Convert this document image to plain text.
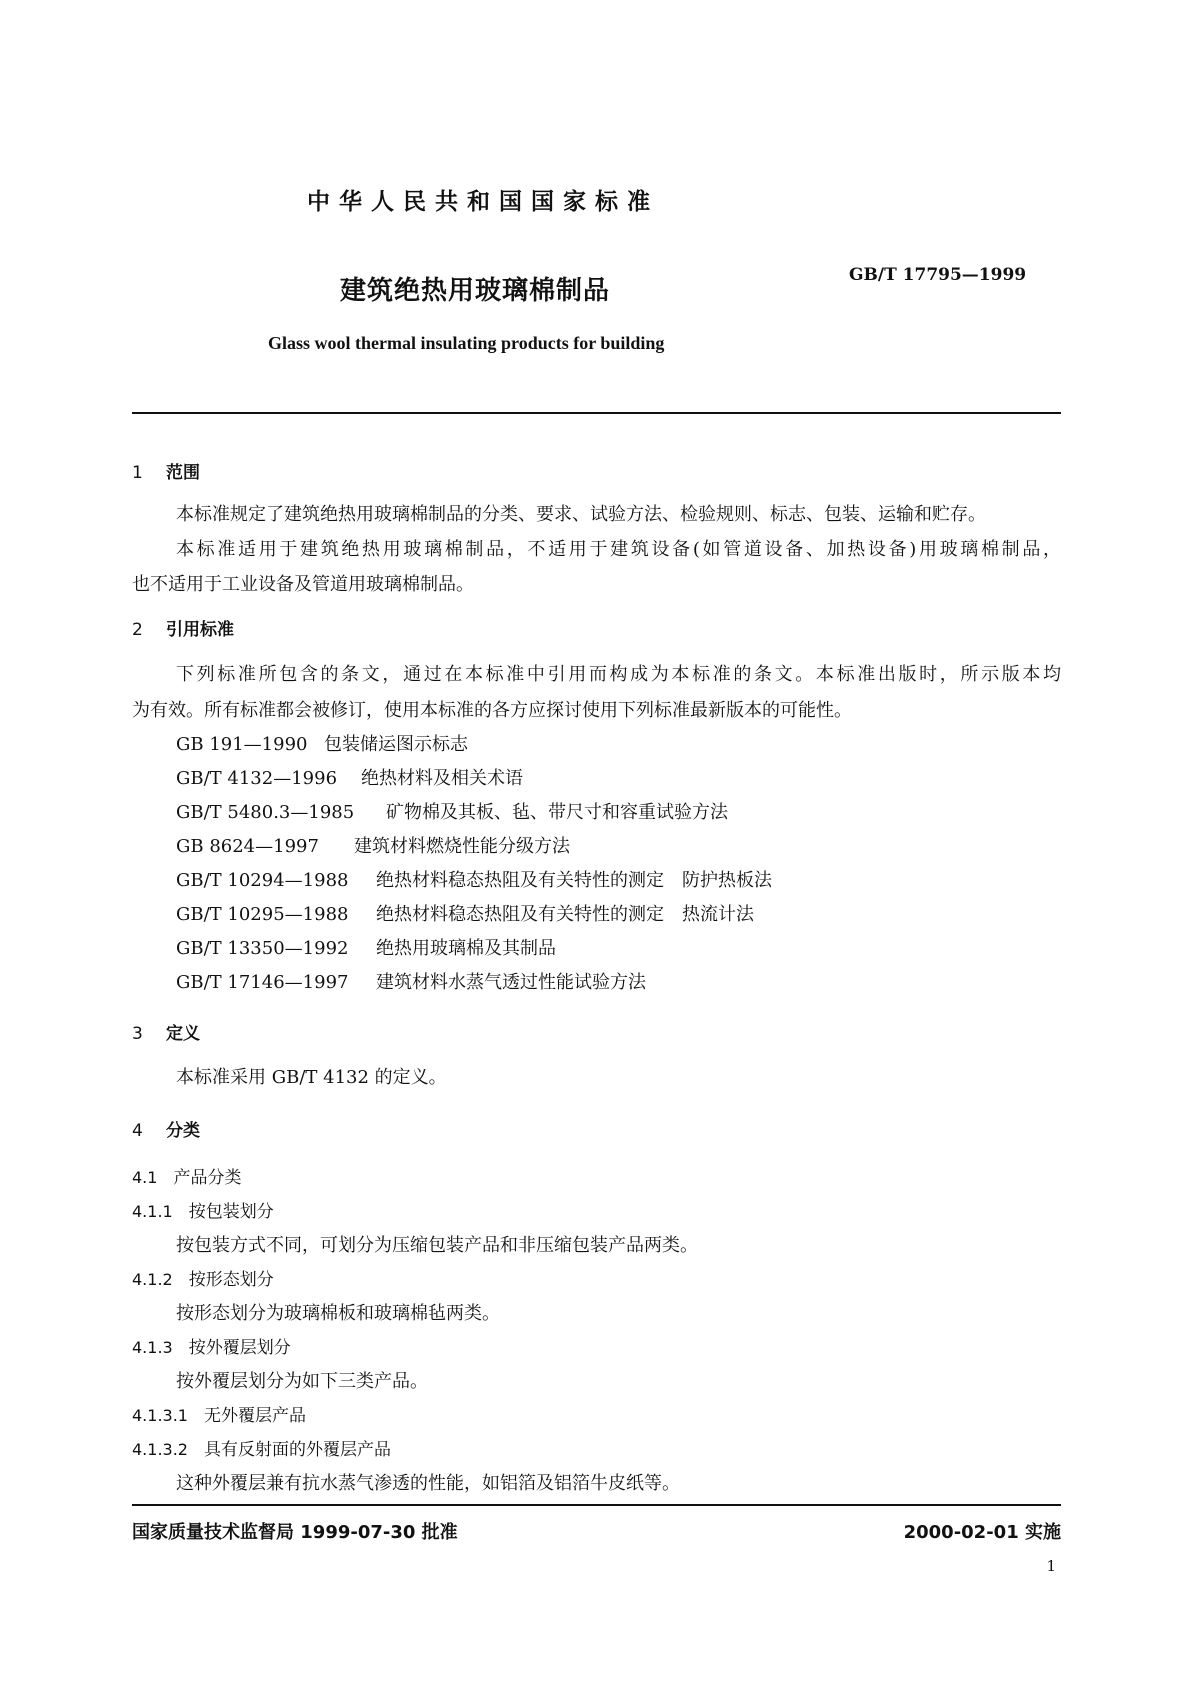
中华人民共和国国家标准
建筑绝热用玻璃棉制品
GB/T 17795—1999
Glass wool thermal insulating products for building
1 范围
本标准规定了建筑绝热用玻璃棉制品的分类、要求、试验方法、检验规则、标志、包装、运输和贮存。
本标准适用于建筑绝热用玻璃棉制品，不适用于建筑设备(如管道设备、加热设备)用玻璃棉制品，
也不适用于工业设备及管道用玻璃棉制品。
2 引用标准
下列标准所包含的条文，通过在本标准中引用而构成为本标准的条文。本标准出版时，所示版本均
为有效。所有标准都会被修订，使用本标准的各方应探讨使用下列标准最新版本的可能性。
GB 191—1990 包装储运图示标志
GB/T 4132—1996 绝热材料及相关术语
GB/T 5480.3—1985 矿物棉及其板、毡、带尺寸和容重试验方法
GB 8624—1997 建筑材料燃烧性能分级方法
GB/T 10294—1988 绝热材料稳态热阻及有关特性的测定　防护热板法
GB/T 10295—1988 绝热材料稳态热阻及有关特性的测定　热流计法
GB/T 13350—1992 绝热用玻璃棉及其制品
GB/T 17146—1997 建筑材料水蒸气透过性能试验方法
3 定义
本标准采用 GB/T 4132 的定义。
4 分类
4.1 产品分类
4.1.1 按包装划分
按包装方式不同，可划分为压缩包装产品和非压缩包装产品两类。
4.1.2 按形态划分
按形态划分为玻璃棉板和玻璃棉毡两类。
4.1.3 按外覆层划分
按外覆层划分为如下三类产品。
4.1.3.1 无外覆层产品
4.1.3.2 具有反射面的外覆层产品
这种外覆层兼有抗水蒸气渗透的性能，如铝箔及铝箔牛皮纸等。
国家质量技术监督局 1999-07-30 批准	2000-02-01 实施
1
